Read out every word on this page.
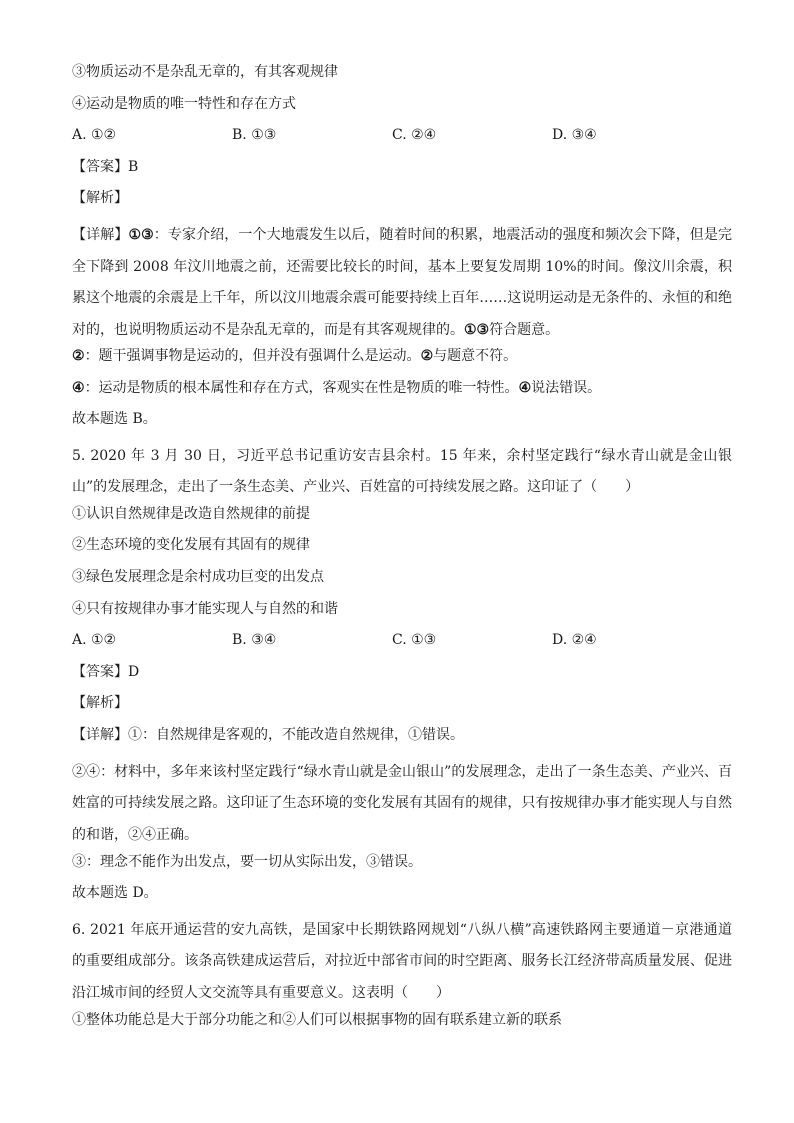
③物质运动不是杂乱无章的，有其客观规律
④运动是物质的唯一特性和存在方式
A. ①②	B. ①③	C. ②④	D. ③④
【答案】B
【解析】

【详解】①③：专家介绍，一个大地震发生以后，随着时间的积累，地震活动的强度和频次会下降，但是完全下降到 2008 年汶川地震之前，还需要比较长的时间，基本上要复发周期 10%的时间。像汶川余震，积累这个地震的余震是上千年，所以汶川地震余震可能要持续上百年……这说明运动是无条件的、永恒的和绝对的，也说明物质运动不是杂乱无章的，而是有其客观规律的。①③符合题意。

②：题干强调事物是运动的，但并没有强调什么是运动。②与题意不符。
④：运动是物质的根本属性和存在方式，客观实在性是物质的唯一特性。④说法错误。
故本题选 B。

5. 2020 年 3 月 30 日，习近平总书记重访安吉县余村。15 年来，余村坚定践行“绿水青山就是金山银山”的发展理念，走出了一条生态美、产业兴、百姓富的可持续发展之路。这印证了（　　）

①认识自然规律是改造自然规律的前提
②生态环境的变化发展有其固有的规律
③绿色发展理念是余村成功巨变的出发点
④只有按规律办事才能实现人与自然的和谐
A. ①②	B. ③④	C. ①③	D. ②④
【答案】D
【解析】
【详解】①：自然规律是客观的，不能改造自然规律，①错误。

②④：材料中，多年来该村坚定践行“绿水青山就是金山银山”的发展理念，走出了一条生态美、产业兴、百姓富的可持续发展之路。这印证了生态环境的变化发展有其固有的规律，只有按规律办事才能实现人与自然的和谐，②④正确。

③：理念不能作为出发点，要一切从实际出发，③错误。
故本题选 D。

6. 2021 年底开通运营的安九高铁，是国家中长期铁路网规划“八纵八横”高速铁路网主要通道－京港通道的重要组成部分。该条高铁建成运营后，对拉近中部省市间的时空距离、服务长江经济带高质量发展、促进沿江城市间的经贸人文交流等具有重要意义。这表明（　　）

①整体功能总是大于部分功能之和②人们可以根据事物的固有联系建立新的联系
